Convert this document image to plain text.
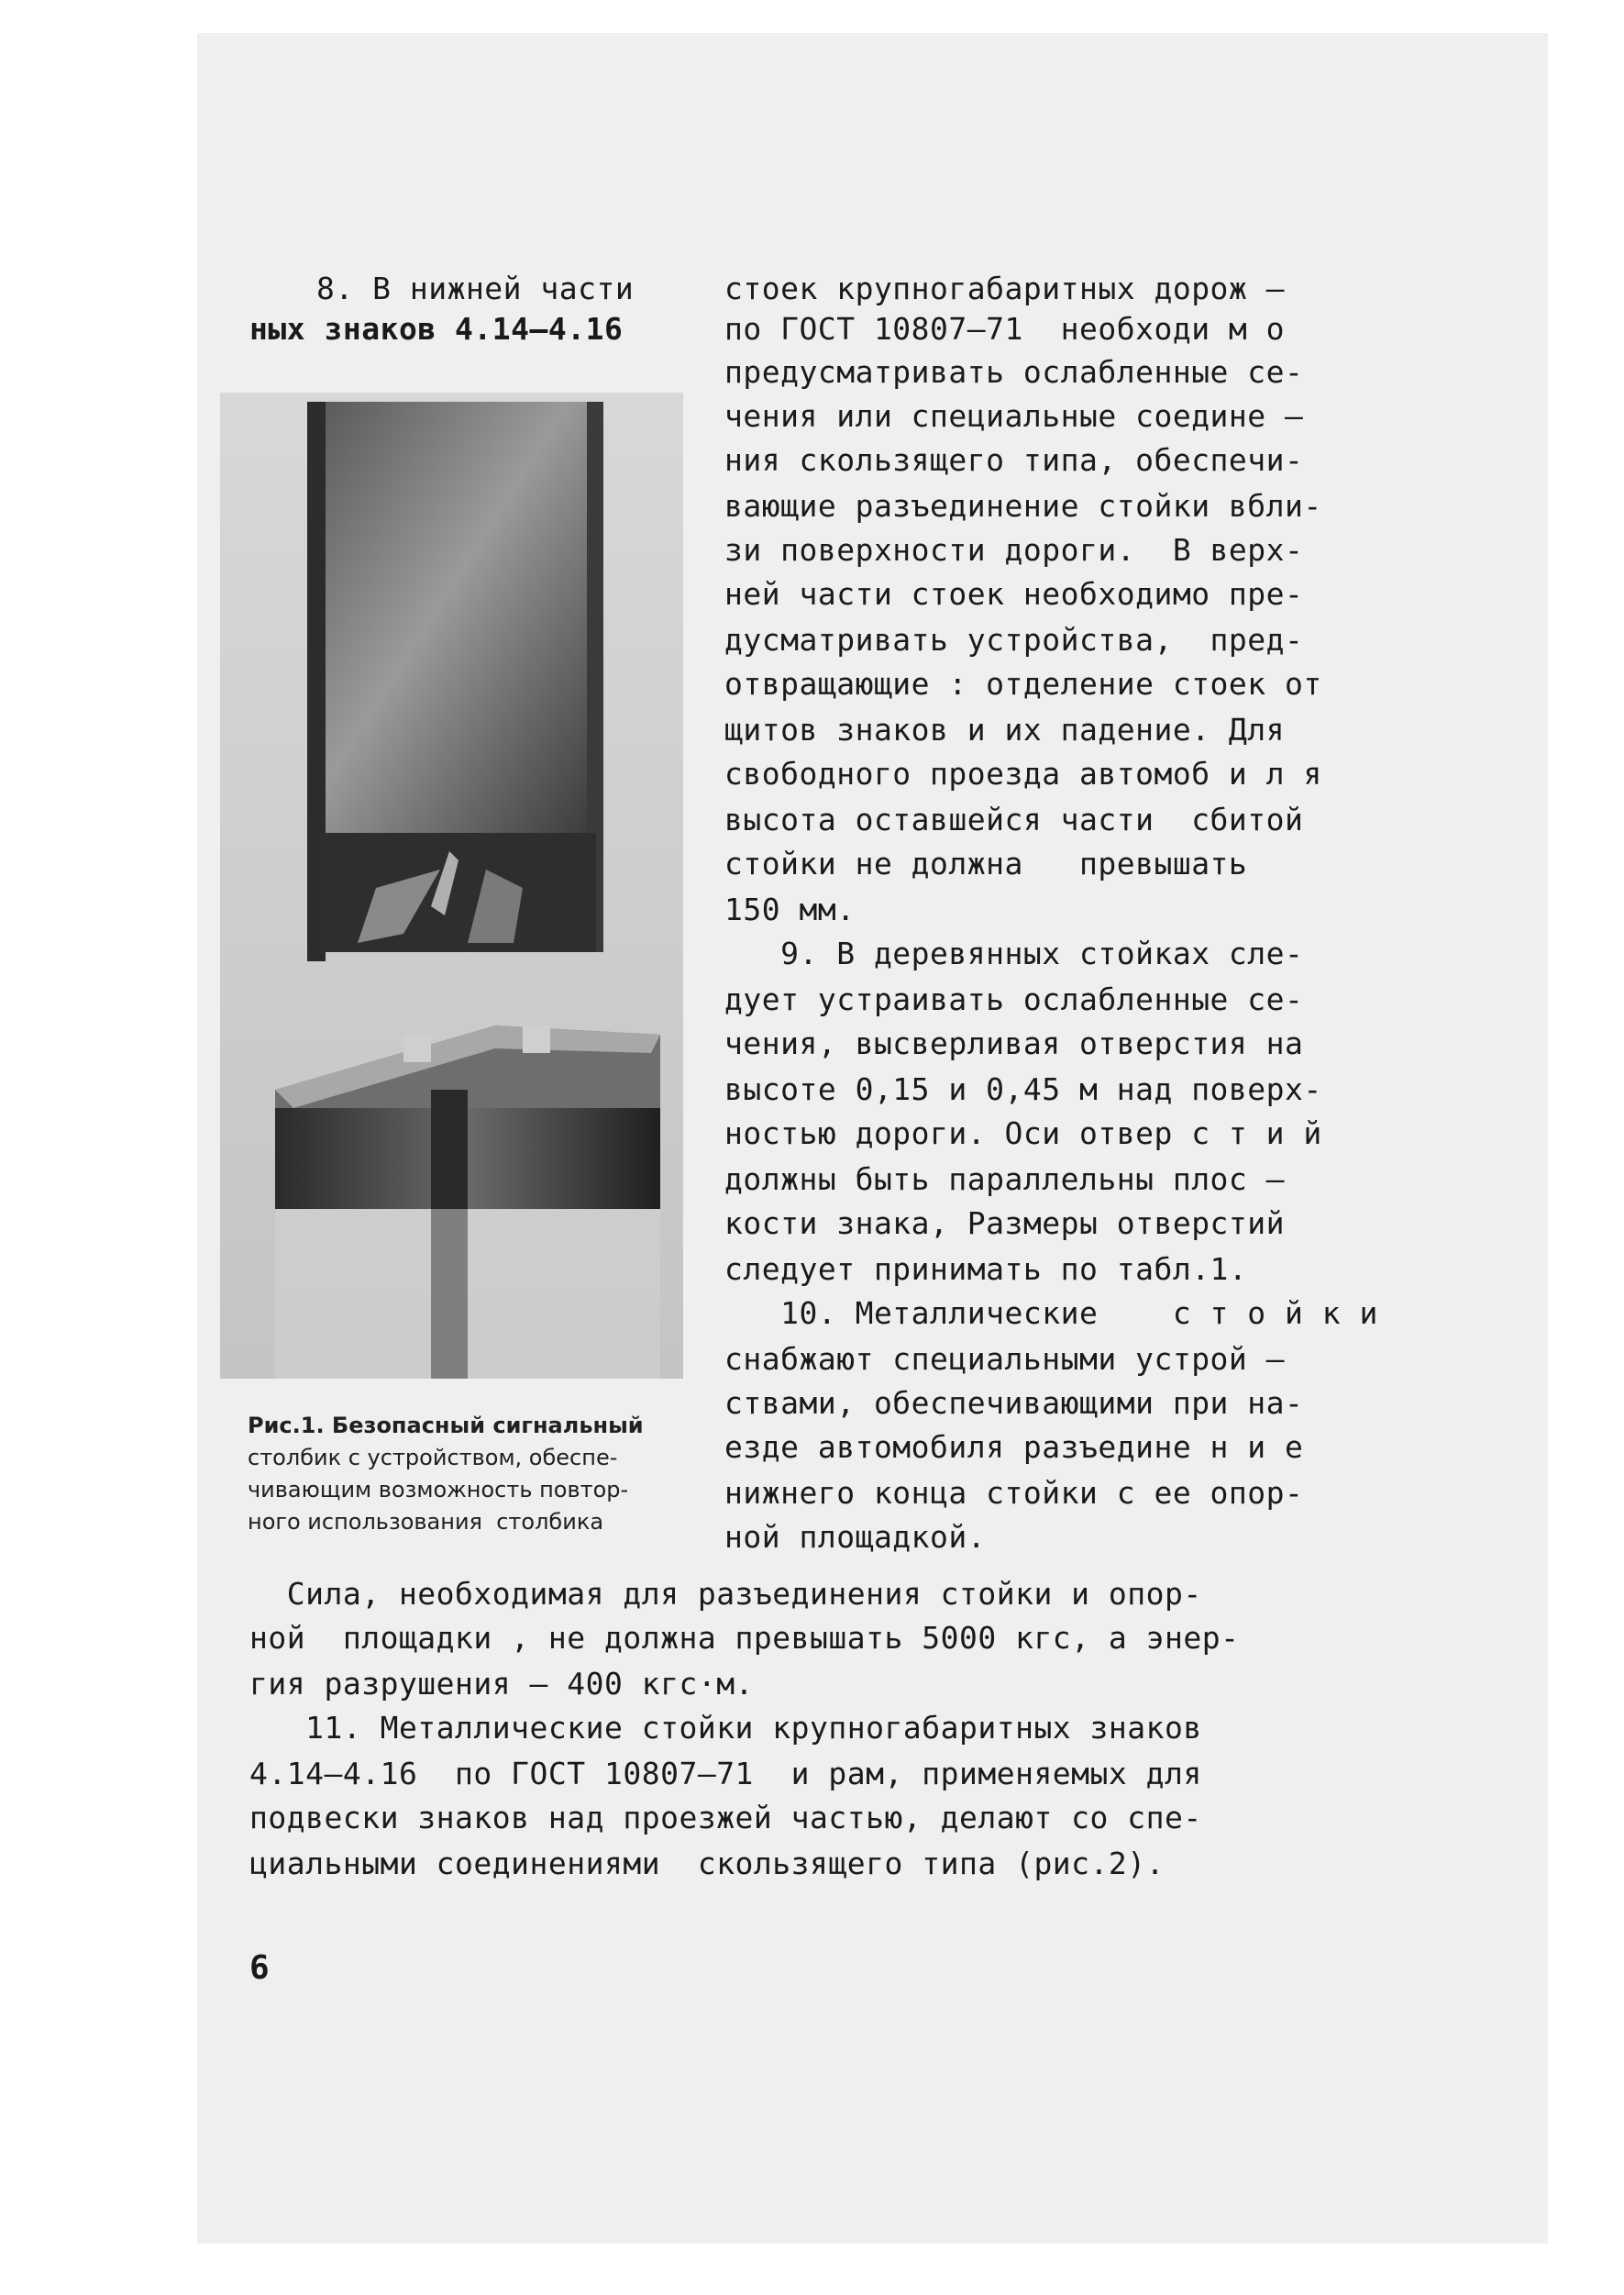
8. В нижней части
ных знаков 4.14–4.16
стоек крупногабаритных дорож –
по ГОСТ 10807–71  необходи м о
предусматривать ослабленные се-
чения или специальные соедине –
ния скользящего типа, обеспечи-
вающие разъединение стойки вбли-
зи поверхности дороги.  В верх-
ней части стоек необходимо пре-
дусматривать устройства,  пред-
отвращающие : отделение стоек от
щитов знаков и их падение. Для
свободного проезда автомоб и л я
высота оставшейся части  сбитой
стойки не должна   превышать
150 мм.
9. В деревянных стойках сле-
дует устраивать ослабленные се-
чения, высверливая отверстия на
высоте 0,15 и 0,45 м над поверх-
ностью дороги. Оси отвер с т и й
должны быть параллельны плос –
кости знака, Размеры отверстий
следует принимать по табл.1.
10. Металлические    с т о й к и
снабжают специальными устрой –
ствами, обеспечивающими при на-
езде автомобиля разъедине н и е
нижнего конца стойки с ее опор-
ной площадкой.
Рис.1. Безопасный сигнальный
столбик с устройством, обеспе-
чивающим возможность повтор-
ного использования  столбика
Сила, необходимая для разъединения стойки и опор-
ной  площадки , не должна превышать 5000 кгс, а энер-
гия разрушения – 400 кгс·м.
11. Металлические стойки крупногабаритных знаков
4.14–4.16  по ГОСТ 10807–71  и рам, применяемых для
подвески знаков над проезжей частью, делают со спе-
циальными соединениями  скользящего типа (рис.2).
6
